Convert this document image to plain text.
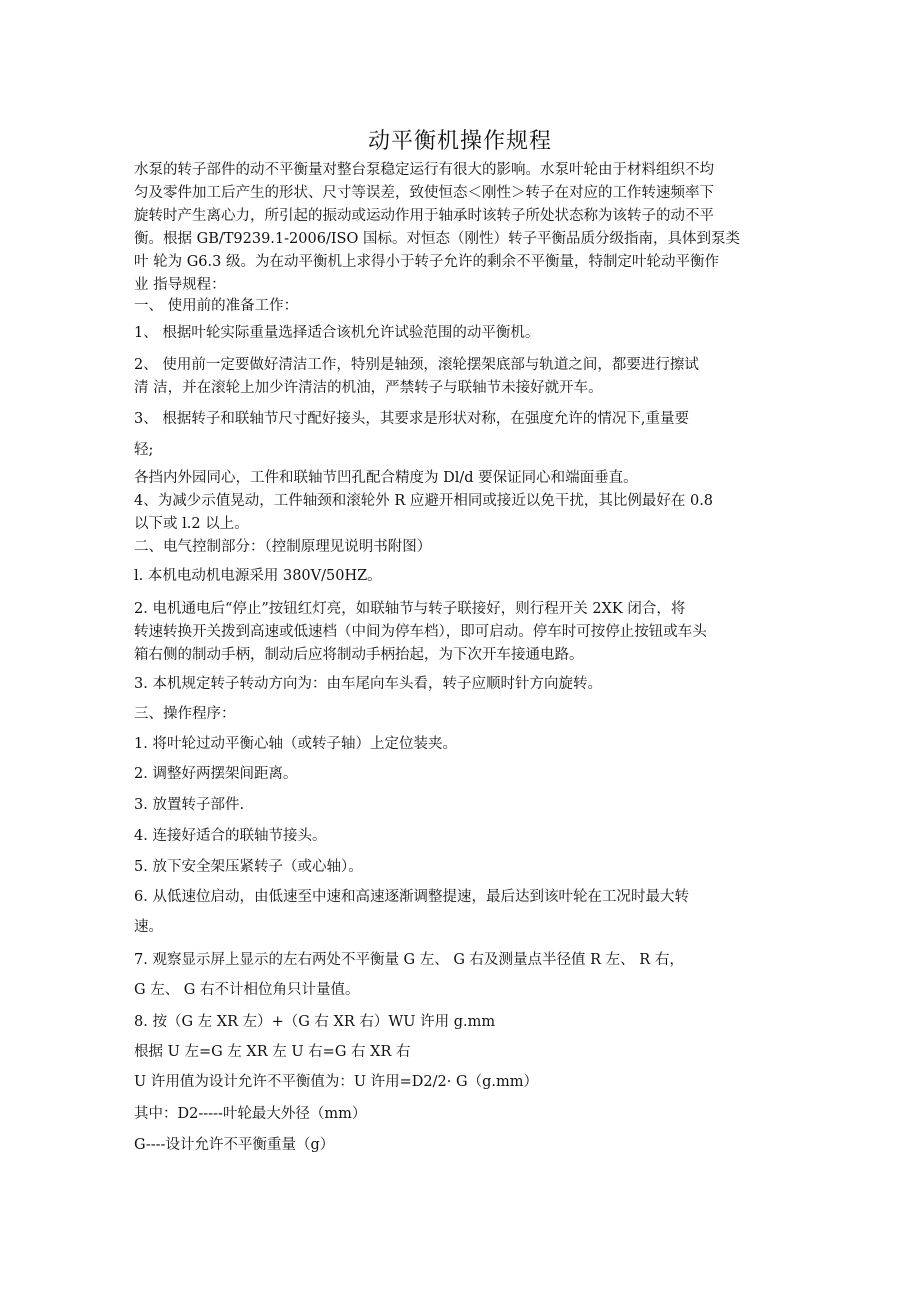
动平衡机操作规程
水泵的转子部件的动不平衡量对整台泵稳定运行有很大的影响。水泵叶轮由于材料组织不均
匀及零件加工后产生的形状、尺寸等误差，致使恒态＜刚性＞转子在对应的工作转速频率下
旋转时产生离心力，所引起的振动或运动作用于轴承时该转子所处状态称为该转子的动不平
衡。根据 GB/T9239.1-2006/ISO 国标。对恒态（刚性）转子平衡品质分级指南，具体到泵类
叶 轮为 G6.3 级。为在动平衡机上求得小于转子允许的剩余不平衡量，特制定叶轮动平衡作
业 指导规程：
一、 使用前的准备工作：
1、 根据叶轮实际重量选择适合该机允许试验范围的动平衡机。
2、 使用前一定要做好清洁工作，特别是轴颈，滚轮摆架底部与轨道之间，都要进行擦试
清 洁，并在滚轮上加少许清洁的机油，严禁转子与联轴节未接好就开车。
3、 根据转子和联轴节尺寸配好接头，其要求是形状对称，在强度允许的情况下,重量要
轻;
各挡内外园同心，工件和联轴节凹孔配合精度为 Dl/d 要保证同心和端面垂直。
4、为减少示值晃动，工件轴颈和滚轮外 R 应避开相同或接近以免干扰，其比例最好在 0.8
以下或 l.2 以上。
二、电气控制部分：（控制原理见说明书附图）
l. 本机电动机电源采用 380V/50HZ。
2. 电机通电后“停止”按钮红灯亮，如联轴节与转子联接好，则行程开关 2XK 闭合，将
转速转换开关拨到高速或低速档（中间为停车档），即可启动。停车时可按停止按钮或车头
箱右侧的制动手柄，制动后应将制动手柄抬起，为下次开车接通电路。
3. 本机规定转子转动方向为：由车尾向车头看，转子应顺时针方向旋转。
三、操作程序：
1. 将叶轮过动平衡心轴（或转子轴）上定位装夹。
2. 调整好两摆架间距离。
3. 放置转子部件.
4. 连接好适合的联轴节接头。
5. 放下安全架压紧转子（或心轴）。
6. 从低速位启动，由低速至中速和高速逐渐调整提速，最后达到该叶轮在工况时最大转
速。
7. 观察显示屏上显示的左右两处不平衡量 G 左、 G 右及测量点半径值 R 左、 R 右，
G 左、 G 右不计相位角只计量值。
8. 按（G 左 XR 左）+（G 右 XR 右）WU 许用 g.mm
根据 U 左=G 左 XR 左 U 右=G 右 XR 右
U 许用值为设计允许不平衡值为：U 许用=D2/2· G（g.mm）
其中：D2-----叶轮最大外径（mm）
G----设计允许不平衡重量（g）
